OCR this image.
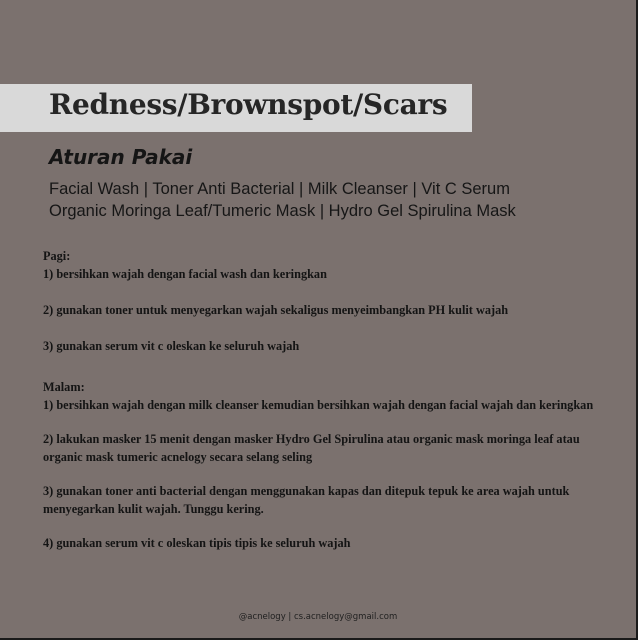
Redness/Brownspot/Scars
Aturan Pakai
Facial Wash | Toner Anti Bacterial | Milk Cleanser | Vit C Serum
Organic Moringa Leaf/Tumeric Mask | Hydro Gel Spirulina Mask
Pagi:
1) bersihkan wajah dengan facial wash dan keringkan
2) gunakan toner untuk menyegarkan wajah sekaligus menyeimbangkan PH kulit wajah
3) gunakan serum vit c oleskan ke seluruh wajah
Malam:
1) bersihkan wajah dengan milk cleanser kemudian bersihkan wajah dengan facial wajah dan keringkan
2) lakukan masker 15 menit dengan masker Hydro Gel Spirulina atau organic mask moringa leaf atau organic mask tumeric acnelogy secara selang seling
3) gunakan toner anti bacterial dengan menggunakan kapas dan ditepuk tepuk ke area wajah untuk menyegarkan kulit wajah. Tunggu kering.
4) gunakan serum vit c oleskan tipis tipis ke seluruh wajah
@acnelogy | cs.acnelogy@gmail.com
